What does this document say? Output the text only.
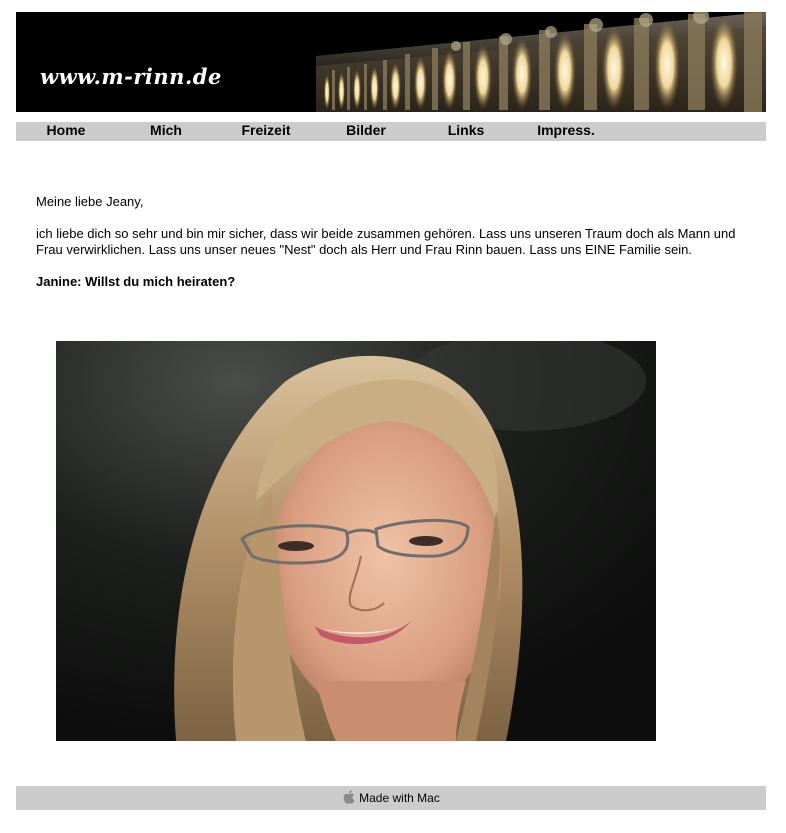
www.m-rinn.de
Home	Mich	Freizeit	Bilder	Links	Impress.

Meine liebe Jeany,

ich liebe dich so sehr und bin mir sicher, dass wir beide zusammen gehören. Lass uns unseren Traum doch als Mann und Frau verwirklichen. Lass uns unser neues "Nest" doch als Herr und Frau Rinn bauen. Lass uns EINE Familie sein.

Janine: Willst du mich heiraten?

Made with Mac
